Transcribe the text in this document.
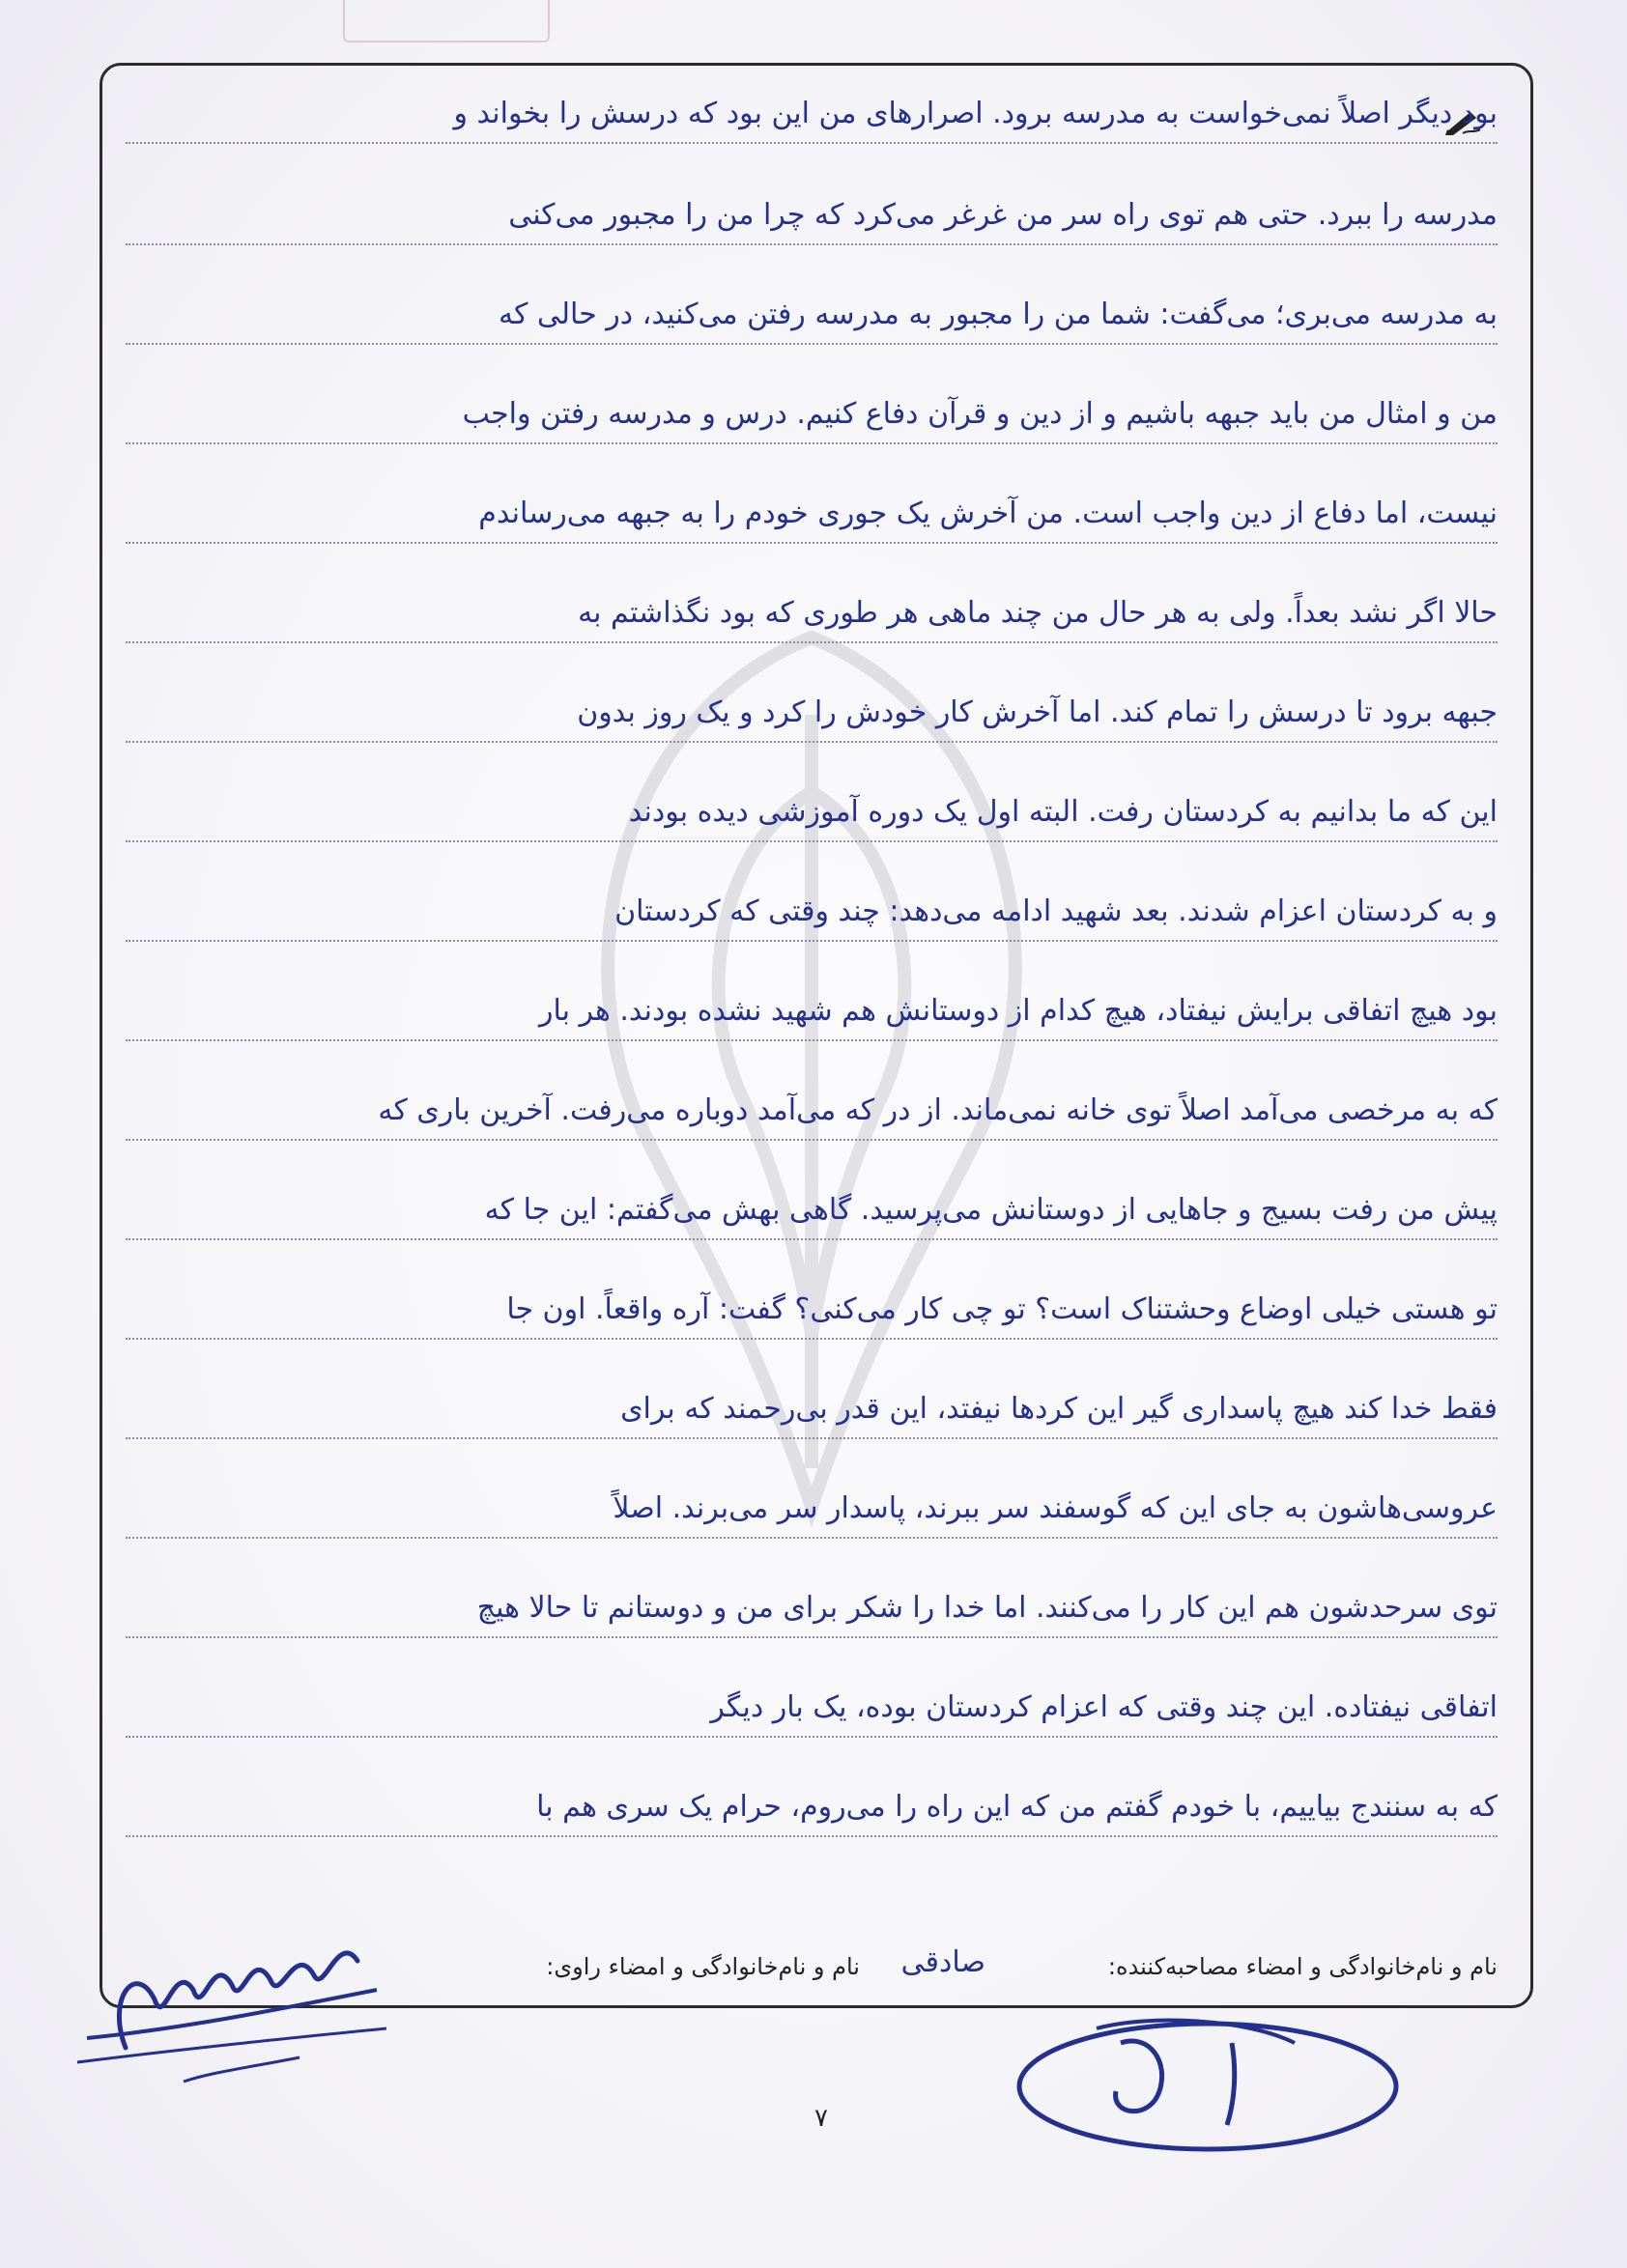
بود دیگر اصلاً نمی‌خواست به مدرسه برود. اصرارهای من این بود که درسش را بخواند و
مدرسه را ببرد. حتی هم توی راه سر من غرغر می‌کرد که چرا من را مجبور می‌کنی
به مدرسه می‌بری؛ می‌گفت: شما من را مجبور به مدرسه رفتن می‌کنید، در حالی که
من و امثال من باید جبهه باشیم و از دین و قرآن دفاع کنیم. درس و مدرسه رفتن واجب
نیست، اما دفاع از دین واجب است. من آخرش یک جوری خودم را به جبهه می‌رساندم
حالا اگر نشد بعداً. ولی به هر حال من چند ماهی هر طوری که بود نگذاشتم به
جبهه برود تا درسش را تمام کند. اما آخرش کار خودش را کرد و یک روز بدون
این که ما بدانیم به کردستان رفت. البته اول یک دوره آموزشی دیده بودند
و به کردستان اعزام شدند. بعد شهید ادامه می‌دهد: چند وقتی که کردستان
بود هیچ اتفاقی برایش نیفتاد، هیچ کدام از دوستانش هم شهید نشده بودند. هر بار
که به مرخصی می‌آمد اصلاً توی خانه نمی‌ماند. از در که می‌آمد دوباره می‌رفت. آخرین باری که
پیش من رفت بسیج و جاهایی از دوستانش می‌پرسید. گاهی بهش می‌گفتم: این جا که
تو هستی خیلی اوضاع وحشتناک است؟ تو چی کار می‌کنی؟ گفت: آره واقعاً. اون جا
فقط خدا کند هیچ پاسداری گیر این کردها نیفتد، این قدر بی‌رحمند که برای
عروسی‌هاشون به جای این که گوسفند سر ببرند، پاسدار سر می‌برند. اصلاً
توی سرحدشون هم این کار را می‌کنند. اما خدا را شکر برای من و دوستانم تا حالا هیچ
اتفاقی نیفتاده. این چند وقتی که اعزام کردستان بوده، یک بار دیگر
که به سنندج بیاییم، با خودم گفتم من که این راه را می‌روم، حرام یک سری هم با
نام و نام‌خانوادگی و امضاء مصاحبه‌کننده:
صادقی
نام و نام‌خانوادگی و امضاء راوی:
۷
